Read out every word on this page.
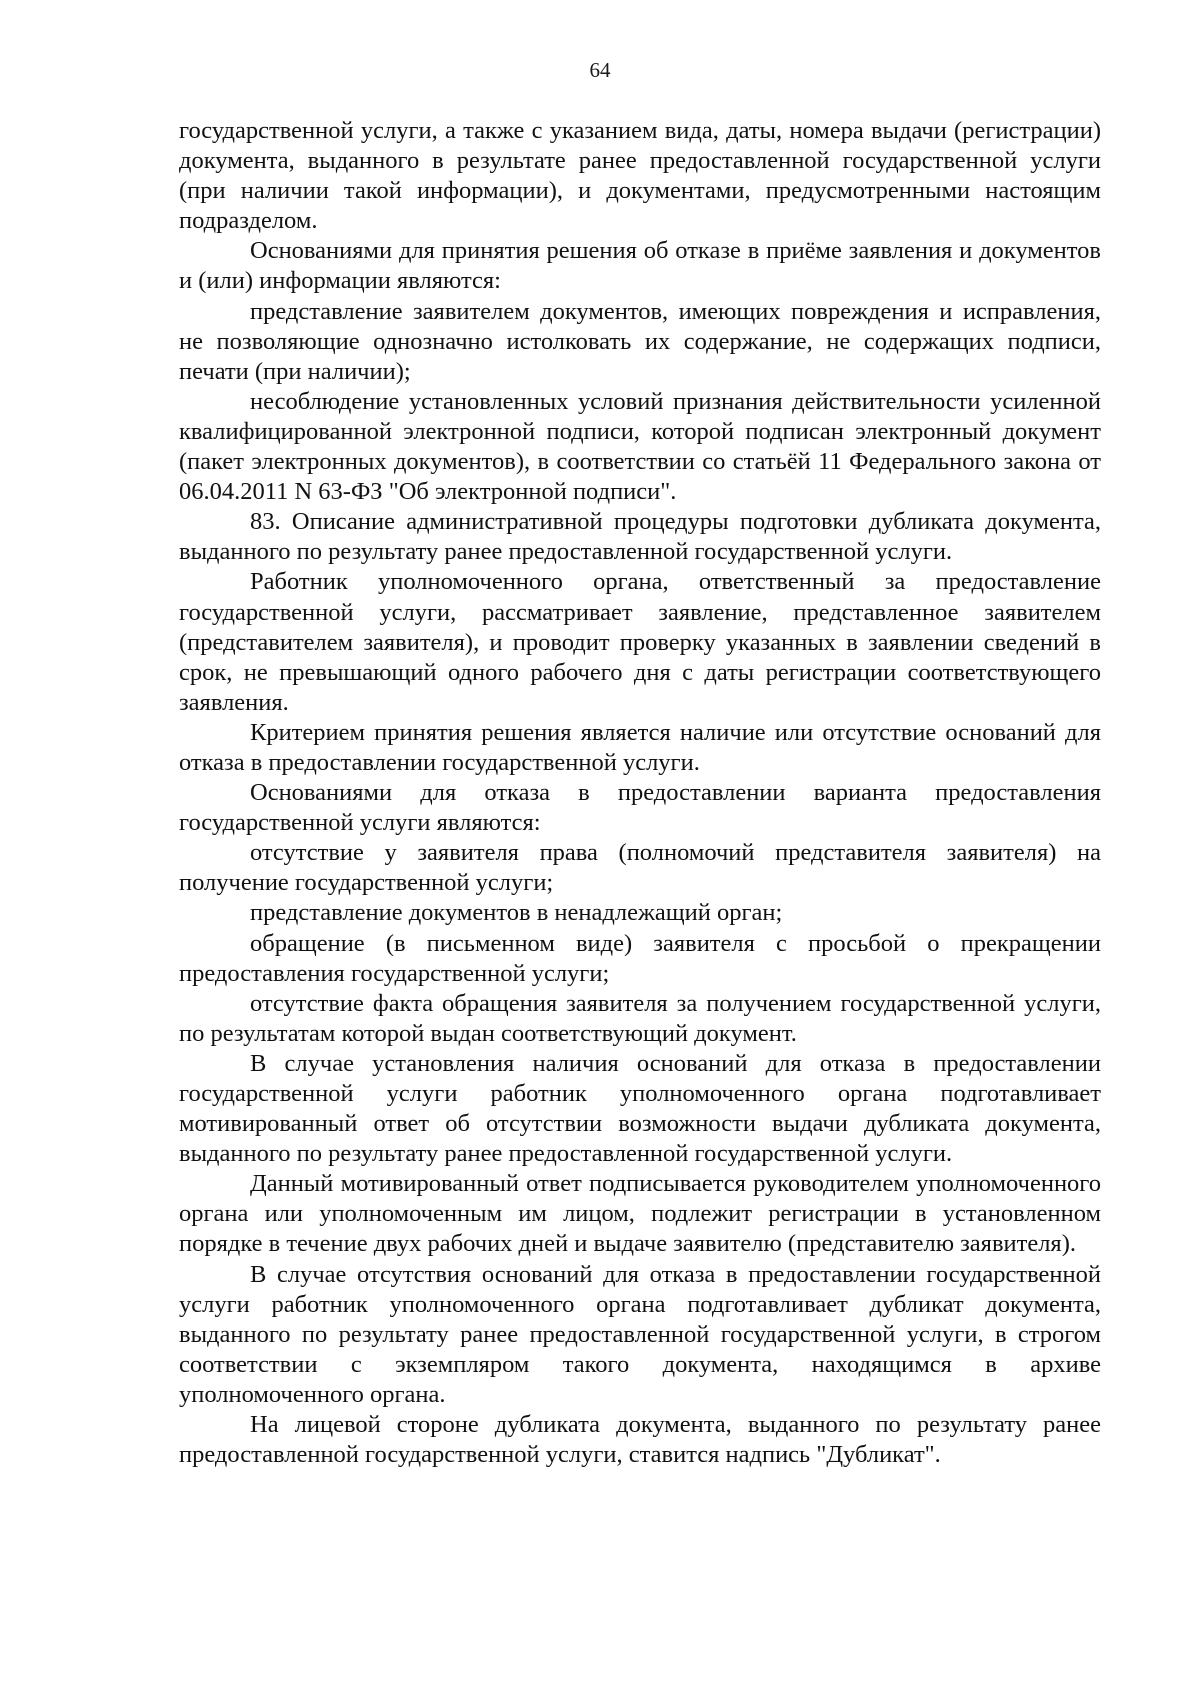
64

государственной услуги, а также с указанием вида, даты, номера выдачи (регистрации) документа, выданного в результате ранее предоставленной государственной услуги (при наличии такой информации), и документами, предусмотренными настоящим подразделом.

Основаниями для принятия решения об отказе в приёме заявления и документов и (или) информации являются:

представление заявителем документов, имеющих повреждения и исправления, не позволяющие однозначно истолковать их содержание, не содержащих подписи, печати (при наличии);

несоблюдение установленных условий признания действительности усиленной квалифицированной электронной подписи, которой подписан электронный документ (пакет электронных документов), в соответствии со статьёй 11 Федерального закона от 06.04.2011 N 63-ФЗ "Об электронной подписи".

83. Описание административной процедуры подготовки дубликата документа, выданного по результату ранее предоставленной государственной услуги.

Работник уполномоченного органа, ответственный за предоставление государственной услуги, рассматривает заявление, представленное заявителем (представителем заявителя), и проводит проверку указанных в заявлении сведений в срок, не превышающий одного рабочего дня с даты регистрации соответствующего заявления.

Критерием принятия решения является наличие или отсутствие оснований для отказа в предоставлении государственной услуги.

Основаниями для отказа в предоставлении варианта предоставления государственной услуги являются:

отсутствие у заявителя права (полномочий представителя заявителя) на получение государственной услуги;

представление документов в ненадлежащий орган;

обращение (в письменном виде) заявителя с просьбой о прекращении предоставления государственной услуги;

отсутствие факта обращения заявителя за получением государственной услуги, по результатам которой выдан соответствующий документ.

В случае установления наличия оснований для отказа в предоставлении государственной услуги работник уполномоченного органа подготавливает мотивированный ответ об отсутствии возможности выдачи дубликата документа, выданного по результату ранее предоставленной государственной услуги.

Данный мотивированный ответ подписывается руководителем уполномоченного органа или уполномоченным им лицом, подлежит регистрации в установленном порядке в течение двух рабочих дней и выдаче заявителю (представителю заявителя).

В случае отсутствия оснований для отказа в предоставлении государственной услуги работник уполномоченного органа подготавливает дубликат документа, выданного по результату ранее предоставленной государственной услуги, в строгом соответствии с экземпляром такого документа, находящимся в архиве уполномоченного органа.

На лицевой стороне дубликата документа, выданного по результату ранее предоставленной государственной услуги, ставится надпись "Дубликат".
